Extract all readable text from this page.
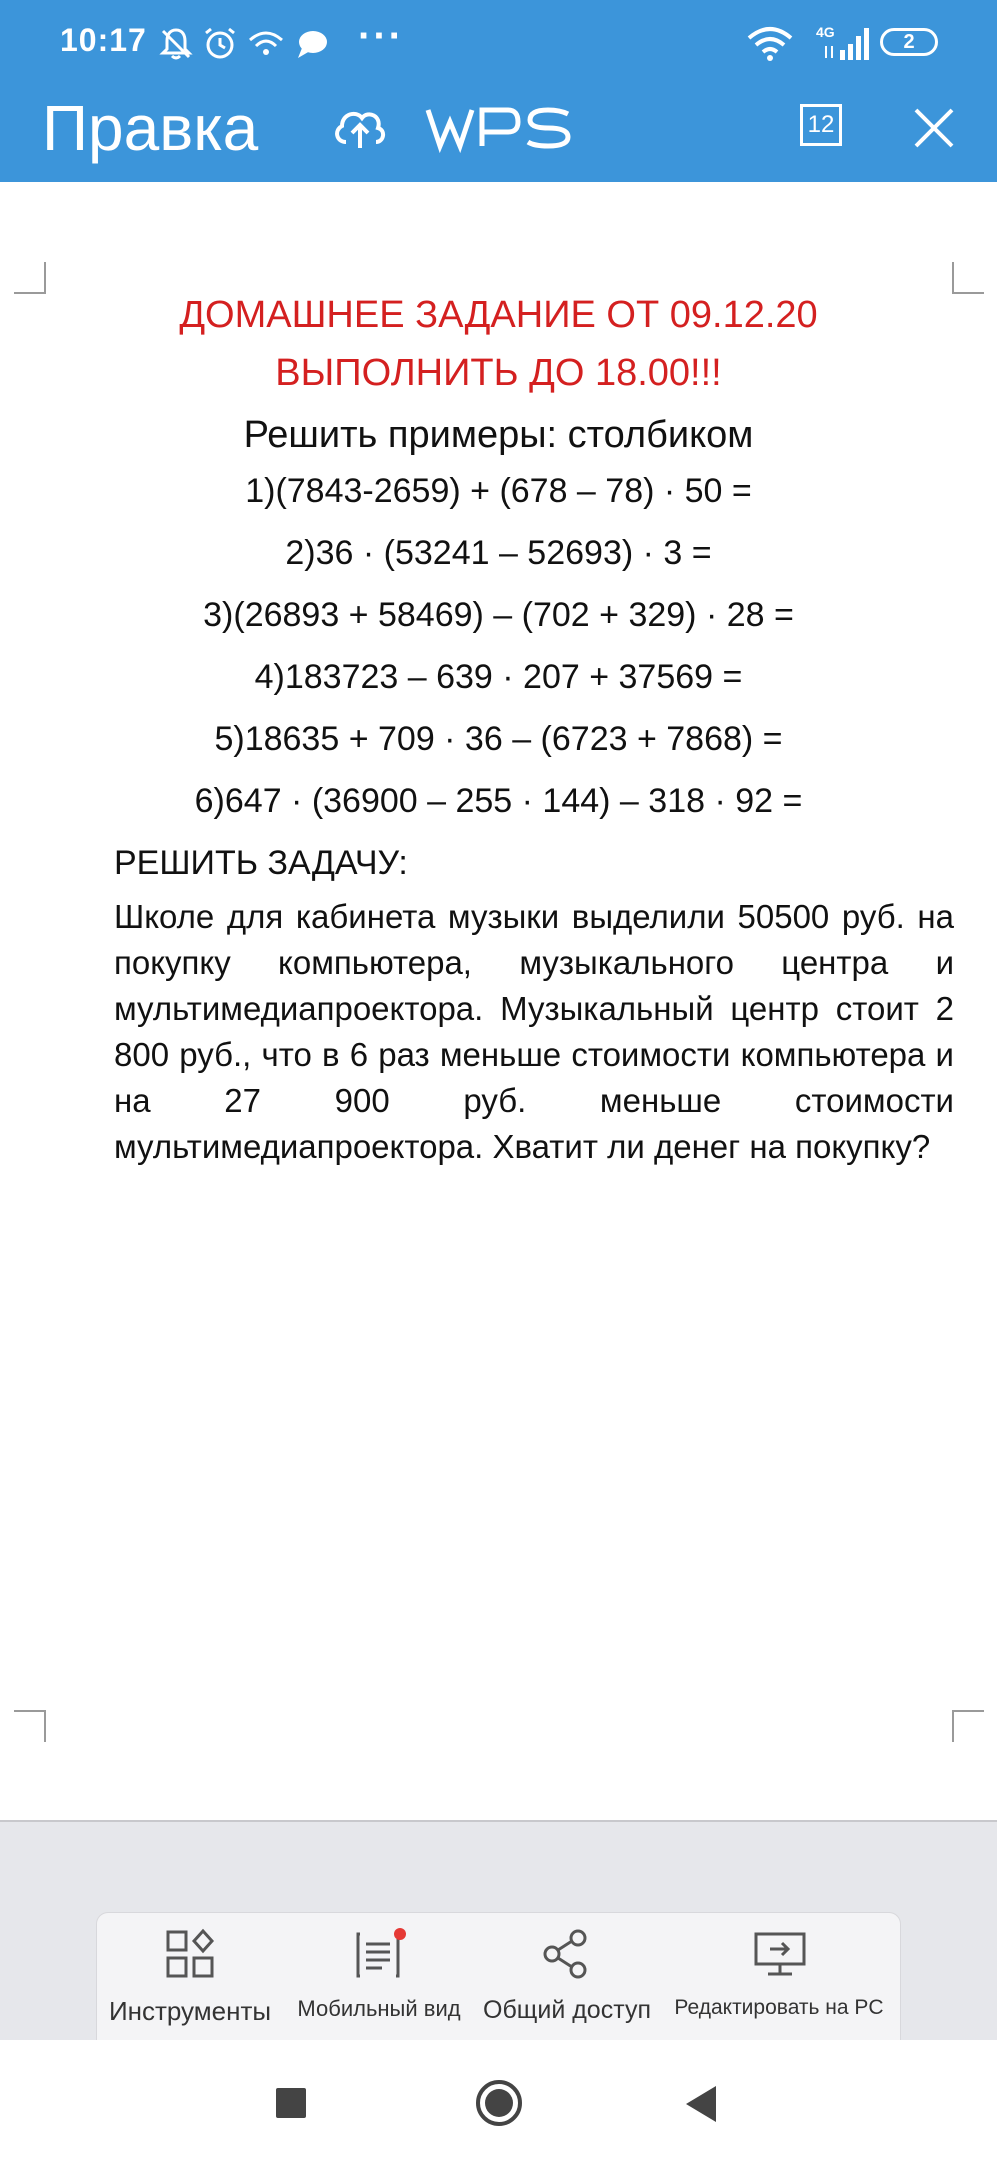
10:17	···	4G	2
Правка	12
ДОМАШНЕЕ ЗАДАНИЕ ОТ 09.12.20
ВЫПОЛНИТЬ ДО 18.00!!!
Решить примеры: столбиком
1)(7843-2659) + (678 – 78) · 50 =
2)36 · (53241 – 52693) · 3 =
3)(26893 + 58469) – (702 + 329) · 28 =
4)183723 – 639 · 207 + 37569 =
5)18635 + 709 · 36 – (6723 + 7868) =
6)647 · (36900 – 255 · 144) – 318 · 92 =
РЕШИТЬ ЗАДАЧУ:

Школе для кабинета музыки выделили 50500 руб. на покупку компьютера, музыкального центра и мультимедиапроектора. Музыкальный центр стоит 2 800 руб., что в 6 раз меньше стоимости компьютера и на 27 900 руб. меньше стоимости мультимедиапроектора. Хватит ли денег на покупку?

Инструменты	Мобильный вид Общий доступ Редактировать на PC
